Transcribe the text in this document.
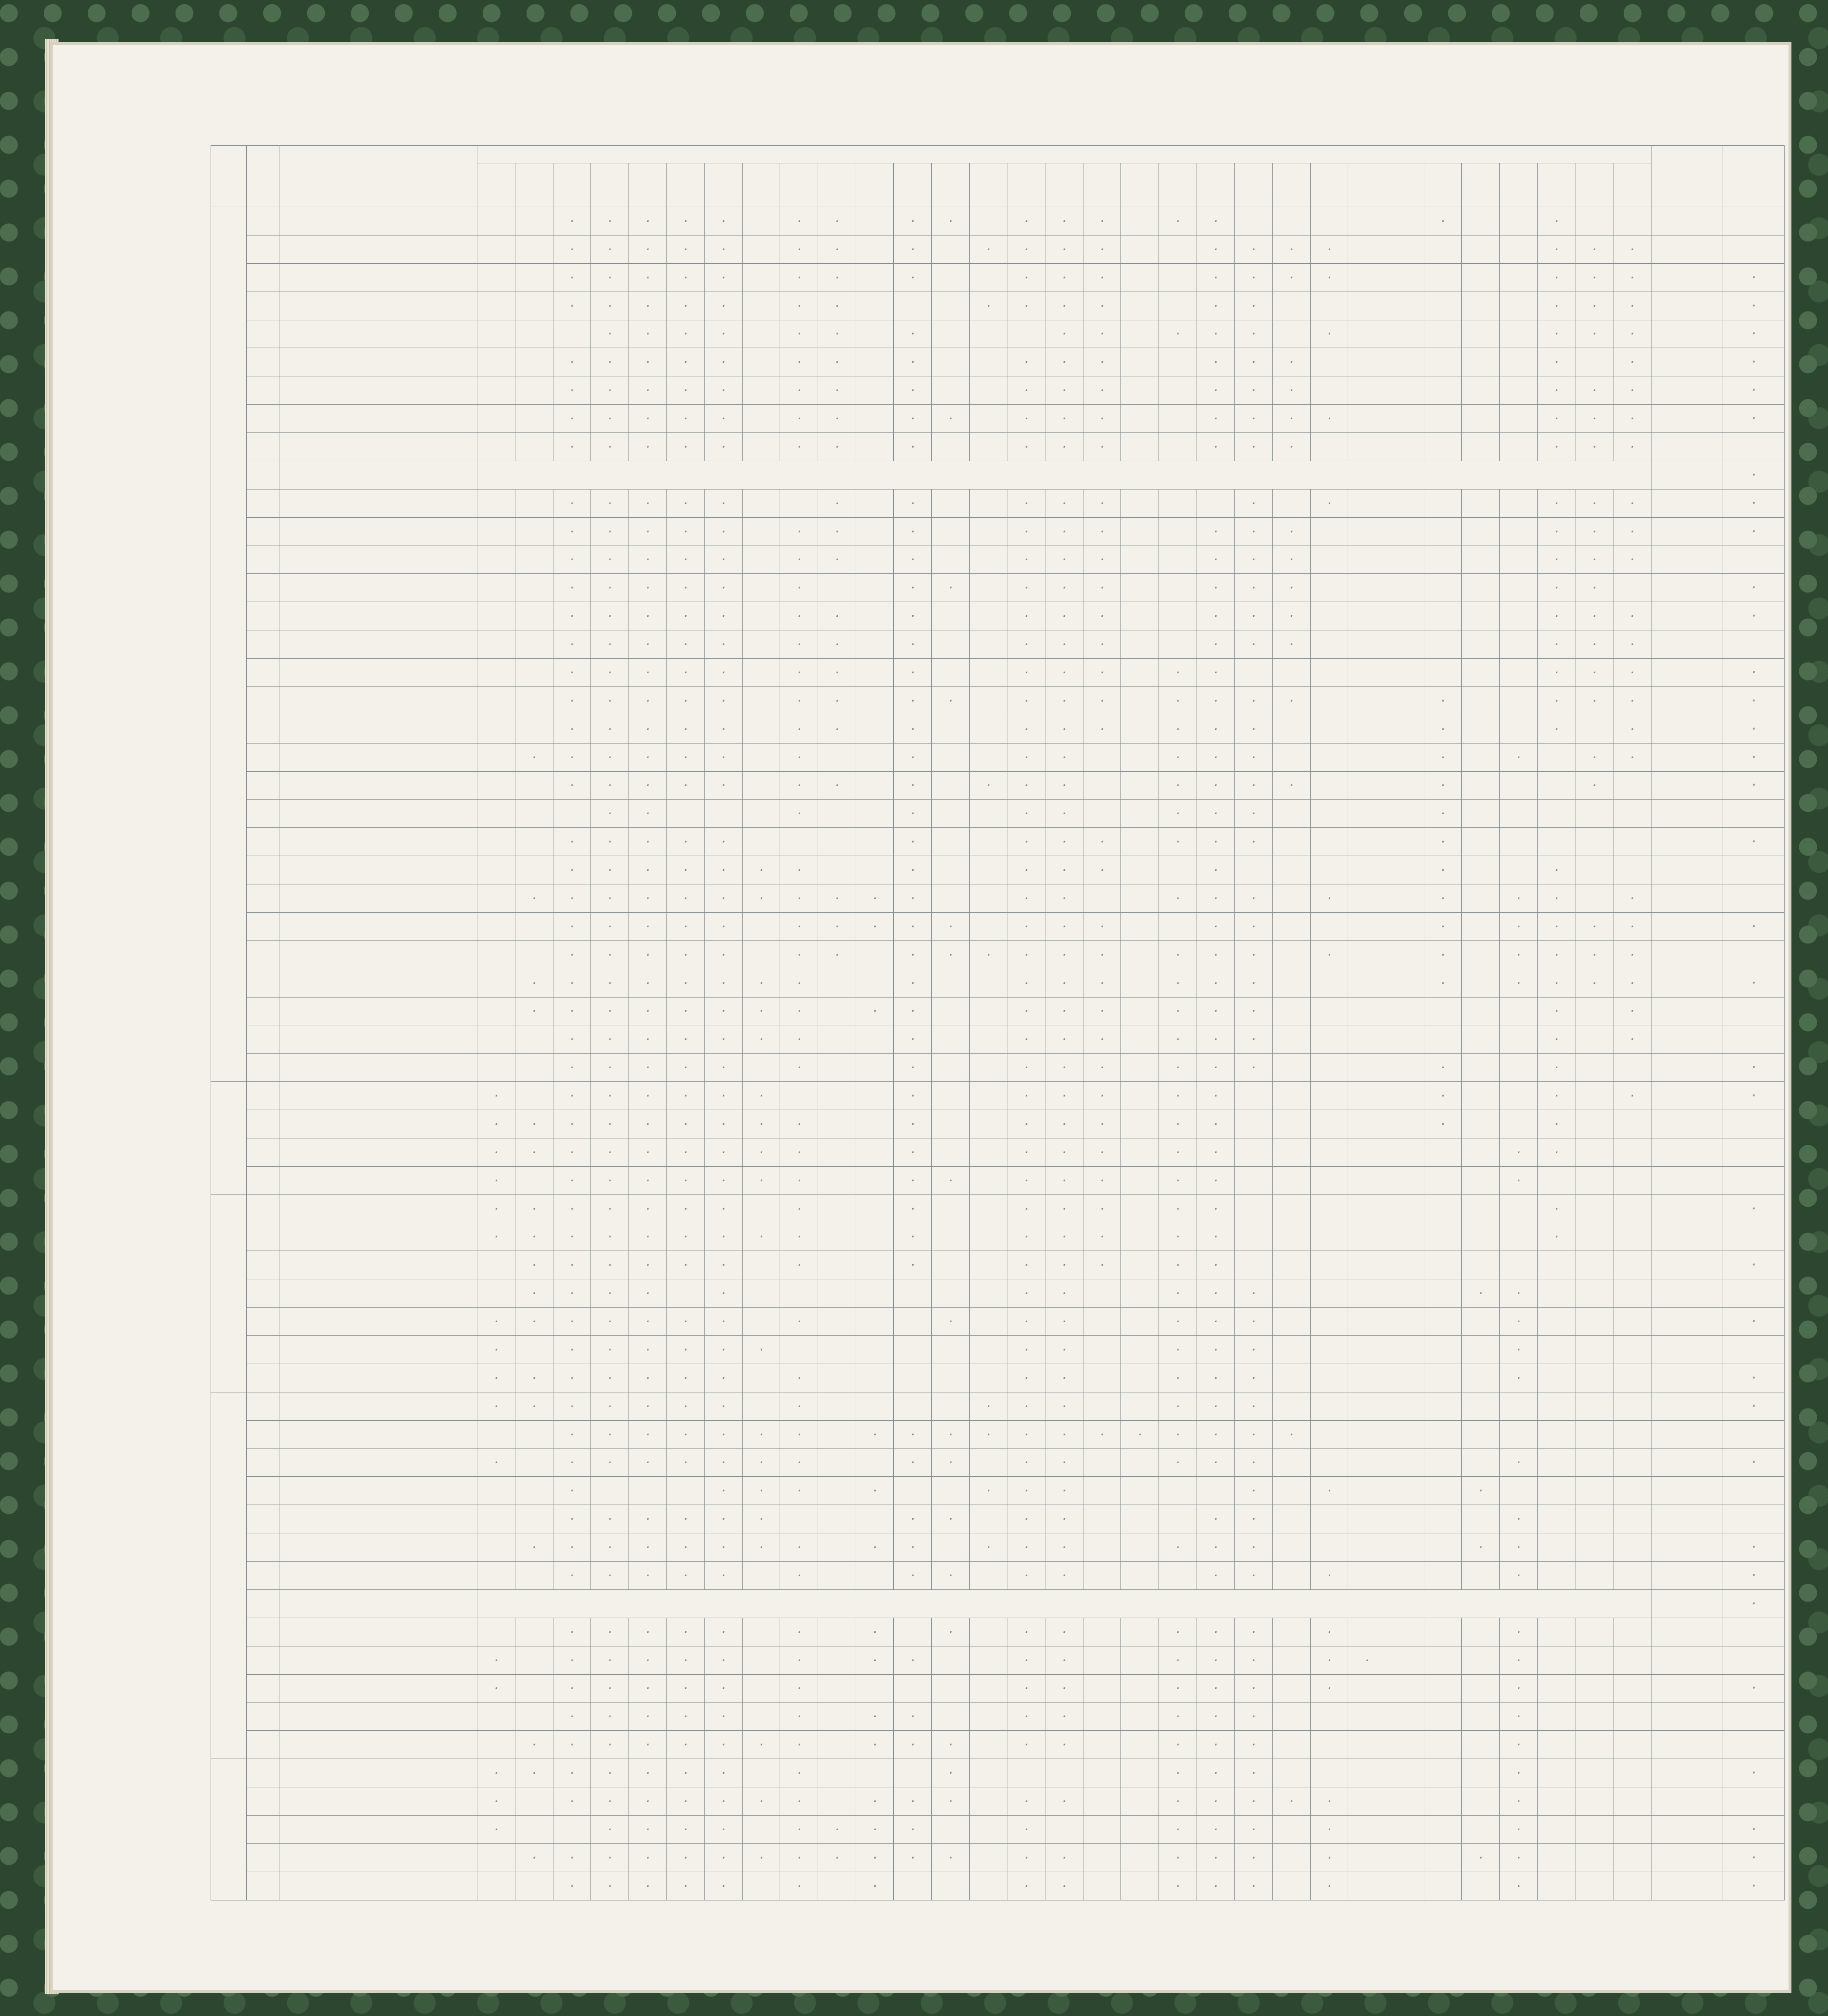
					·	·	·	·	·		·	·		·	·		·	·	·		·	·						·			·				
					·	·	·	·	·		·	·		·		·	·	·	·			·	·	·	·						·	·	·		
					·	·	·	·	·		·	·		·			·	·	·			·	·	·	·						·	·	·		·
					·	·	·	·	·		·	·				·	·	·	·			·	·								·	·	·		·
						·	·	·	·		·	·		·				·	·		·	·	·		·						·	·	·		·
					·	·	·	·	·		·	·		·			·	·	·			·	·	·							·		·		·
					·	·	·	·	·		·	·		·			·	·	·			·	·	·							·	·	·		·
					·	·	·	·	·		·	·		·	·		·	·	·			·	·	·	·						·	·	·		·
					·	·	·	·	·		·	·		·			·	·	·			·	·	·							·	·	·		
																																			·
					·	·	·	·	·			·		·			·	·	·				·		·						·	·	·		·
					·	·	·	·	·		·	·		·			·	·	·			·	·	·							·	·	·		·
					·	·	·	·	·		·	·		·			·	·	·			·	·	·							·	·	·		
					·	·	·	·	·		·			·	·		·	·	·			·	·	·							·	·			·
					·	·	·	·	·		·	·		·			·	·	·			·	·	·							·	·	·		·
					·	·	·	·	·		·	·		·			·	·	·			·	·	·							·	·	·		
					·	·	·	·	·		·	·		·			·	·	·		·	·									·	·	·		·
					·	·	·	·	·		·	·		·	·		·	·	·		·	·	·	·				·			·	·	·		·
					·	·	·	·	·		·	·		·			·	·	·		·	·	·					·			·		·		·
				·	·	·	·	·	·		·			·			·	·			·	·	·					·		·		·	·		·
					·	·	·	·	·		·	·		·		·	·	·			·	·	·	·				·				·			·
						·	·				·			·			·	·			·	·	·					·							
					·	·	·	·	·					·			·	·	·		·	·	·					·							·
					·	·	·	·	·	·	·			·			·	·	·			·						·			·				
				·	·	·	·	·	·	·	·	·	·	·			·	·			·	·	·		·			·		·	·		·		
					·	·	·	·	·		·	·	·	·	·		·	·	·			·	·					·		·	·	·	·		·
					·	·	·	·	·		·	·		·	·	·	·	·	·		·	·	·		·			·		·	·	·	·		
				·	·	·	·	·	·	·	·			·			·	·	·		·	·	·					·		·	·	·	·		·
				·	·	·	·	·	·	·	·		·	·			·	·	·		·	·	·								·		·		
					·	·	·	·	·	·	·			·			·	·	·		·	·	·								·		·		
					·	·	·	·	·		·			·			·	·	·		·	·	·					·			·				·

			·		·	·	·	·	·	·				·			·	·	·		·	·						·			·		·		·
			·	·	·	·	·	·	·	·	·			·			·	·	·		·	·						·			·				
			·	·	·	·	·	·	·	·	·			·			·	·	·		·	·								·	·				
			·		·	·	·	·	·	·	·			·	·		·	·	·		·	·								·					

			·	·	·	·	·	·	·		·			·			·	·	·		·	·									·				·
			·	·	·	·	·	·	·	·	·			·			·	·	·		·	·									·				
				·	·	·	·	·	·		·			·			·	·	·		·	·													·
				·	·	·	·		·								·	·			·	·	·						·	·					
			·	·	·	·	·	·	·		·				·		·	·			·	·	·							·					·
			·		·	·	·	·	·	·							·	·			·	·	·							·					
			·	·	·	·	·	·	·		·						·	·			·	·	·							·					·

			·	·	·	·	·	·	·		·					·	·	·			·	·	·												·
					·	·	·	·	·	·	·		·	·	·	·	·	·	·	·	·	·	·	·											
			·		·	·	·	·	·	·	·			·	·		·	·			·	·	·							·					·
					·				·	·	·		·			·	·	·					·		·				·						
					·	·	·	·	·	·				·	·		·	·				·	·							·					
				·	·	·	·	·	·	·	·		·	·		·	·	·			·	·	·						·	·					·
					·	·	·	·	·		·			·	·		·	·				·	·		·					·					·
																																			·
					·	·	·	·	·		·		·		·		·	·			·	·	·		·					·					
			·		·	·	·	·	·		·		·	·			·	·			·	·	·		·	·				·					
			·		·	·	·	·	·		·						·	·			·	·	·		·					·					·
					·	·	·	·	·		·		·	·			·	·			·	·	·							·					
				·	·	·	·	·	·	·	·		·	·	·		·	·			·	·	·							·					

			·	·	·	·	·	·	·		·				·						·	·	·							·					·
			·		·	·	·	·	·	·	·		·	·	·		·	·			·	·	·	·	·					·					
			·			·	·	·	·		·	·	·	·			·				·	·	·		·					·					·
				·	·	·	·	·	·	·	·	·	·	·	·		·	·			·	·	·		·				·	·					·
					·	·	·	·	·		·		·				·	·			·	·	·		·					·					·
